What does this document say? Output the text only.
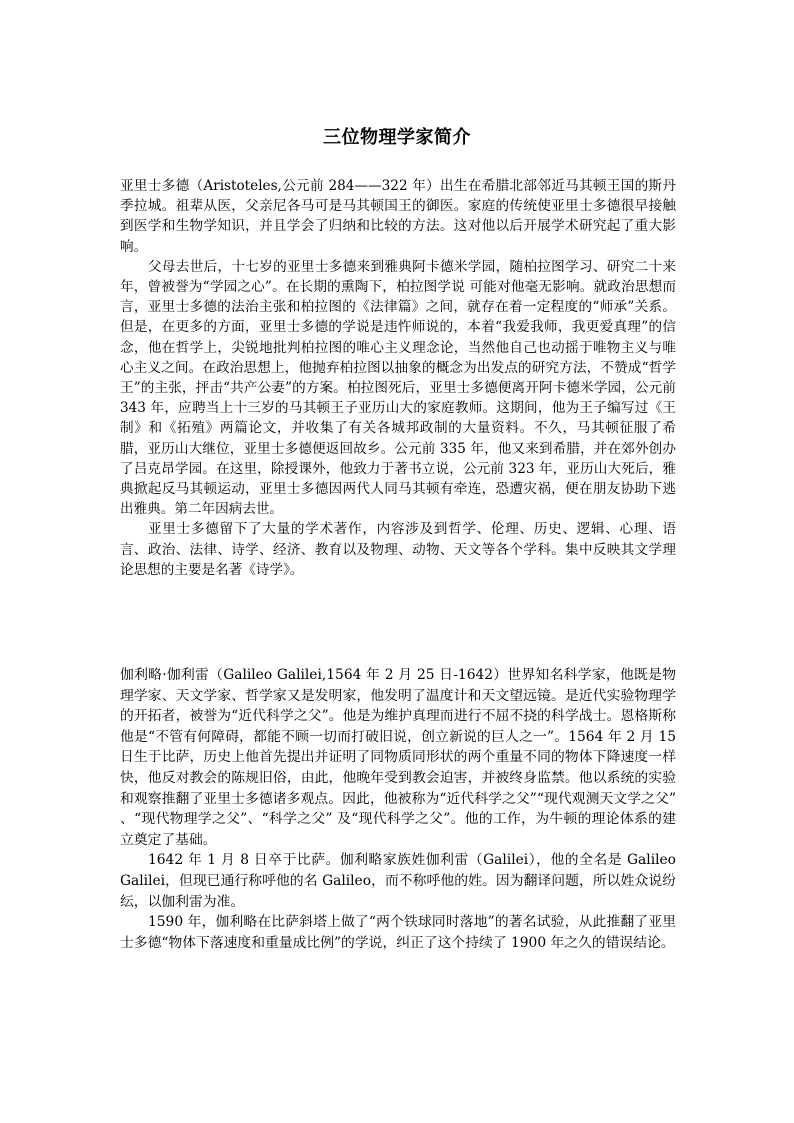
三位物理学家简介

亚里士多德（Aristoteles,公元前 284——322 年）出生在希腊北部邻近马其顿王国的斯丹季拉城。祖辈从医，父亲尼各马可是马其顿国王的御医。家庭的传统使亚里士多德很早接触到医学和生物学知识，并且学会了归纳和比较的方法。这对他以后开展学术研究起了重大影响。

父母去世后，十七岁的亚里士多德来到雅典阿卡德米学园，随柏拉图学习、研究二十来年，曾被誉为“学园之心”。在长期的熏陶下，柏拉图学说 可能对他毫无影响。就政治思想而言，亚里士多德的法治主张和柏拉图的《法律篇》之间，就存在着一定程度的“师承”关系。但是，在更多的方面，亚里士多德的学说是违忤师说的，本着“我爱我师，我更爱真理”的信念，他在哲学上，尖锐地批判柏拉图的唯心主义理念论，当然他自己也动摇于唯物主义与唯心主义之间。在政治思想上，他抛弃柏拉图以抽象的概念为出发点的研究方法，不赞成“哲学王”的主张，抨击“共产公妻”的方案。柏拉图死后，亚里士多德便离开阿卡德米学园，公元前 343 年，应聘当上十三岁的马其顿王子亚历山大的家庭教师。这期间，他为王子编写过《王制》和《拓殖》两篇论文，并收集了有关各城邦政制的大量资料。不久，马其顿征服了希腊，亚历山大继位，亚里士多德便返回故乡。公元前 335 年，他又来到希腊，并在郊外创办了吕克昂学园。在这里，除授课外，他致力于著书立说，公元前 323 年，亚历山大死后，雅典掀起反马其顿运动，亚里士多德因两代人同马其顿有牵连，恐遭灾祸，便在朋友协助下逃出雅典。第二年因病去世。

亚里士多德留下了大量的学术著作，内容涉及到哲学、伦理、历史、逻辑、心理、语言、政治、法律、诗学、经济、教育以及物理、动物、天文等各个学科。集中反映其文学理论思想的主要是名著《诗学》。

伽利略·伽利雷（Galileo Galilei,1564 年 2 月 25 日-1642）世界知名科学家，他既是物理学家、天文学家、哲学家又是发明家，他发明了温度计和天文望远镜。是近代实验物理学的开拓者，被誉为“近代科学之父”。他是为维护真理而进行不屈不挠的科学战士。恩格斯称他是“不管有何障碍，都能不顾一切而打破旧说，创立新说的巨人之一”。1564 年 2 月 15 日生于比萨，历史上他首先提出并证明了同物质同形状的两个重量不同的物体下降速度一样快，他反对教会的陈规旧俗，由此，他晚年受到教会迫害，并被终身监禁。他以系统的实验和观察推翻了亚里士多德诸多观点。因此，他被称为“近代科学之父”“现代观测天文学之父” 、“现代物理学之父”、“科学之父” 及“现代科学之父”。他的工作，为牛顿的理论体系的建立奠定了基础。

1642 年 1 月 8 日卒于比萨。伽利略家族姓伽利雷（Galilei），他的全名是 Galileo Galilei，但现已通行称呼他的名 Galileo，而不称呼他的姓。因为翻译问题，所以姓众说纷纭，以伽利雷为准。

1590 年，伽利略在比萨斜塔上做了“两个铁球同时落地”的著名试验，从此推翻了亚里士多德“物体下落速度和重量成比例”的学说，纠正了这个持续了 1900 年之久的错误结论。
